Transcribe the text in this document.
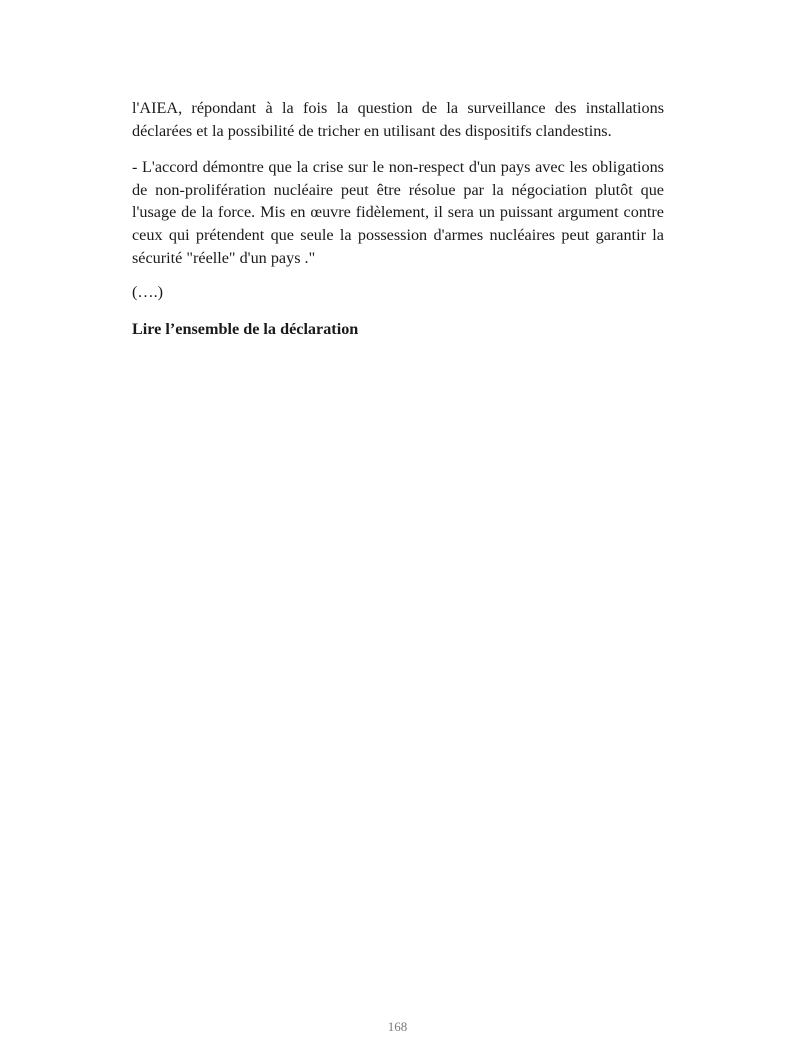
l'AIEA, répondant à la fois la question de la surveillance des installations déclarées et la possibilité de tricher en utilisant des dispositifs clandestins.

- L'accord démontre que la crise sur le non-respect d'un pays avec les obligations de non-prolifération nucléaire peut être résolue par la négociation plutôt que l'usage de la force. Mis en œuvre fidèlement, il sera un puissant argument contre ceux qui prétendent que seule la possession d'armes nucléaires peut garantir la sécurité "réelle" d'un pays ."

(….)

Lire l’ensemble de la déclaration

168
